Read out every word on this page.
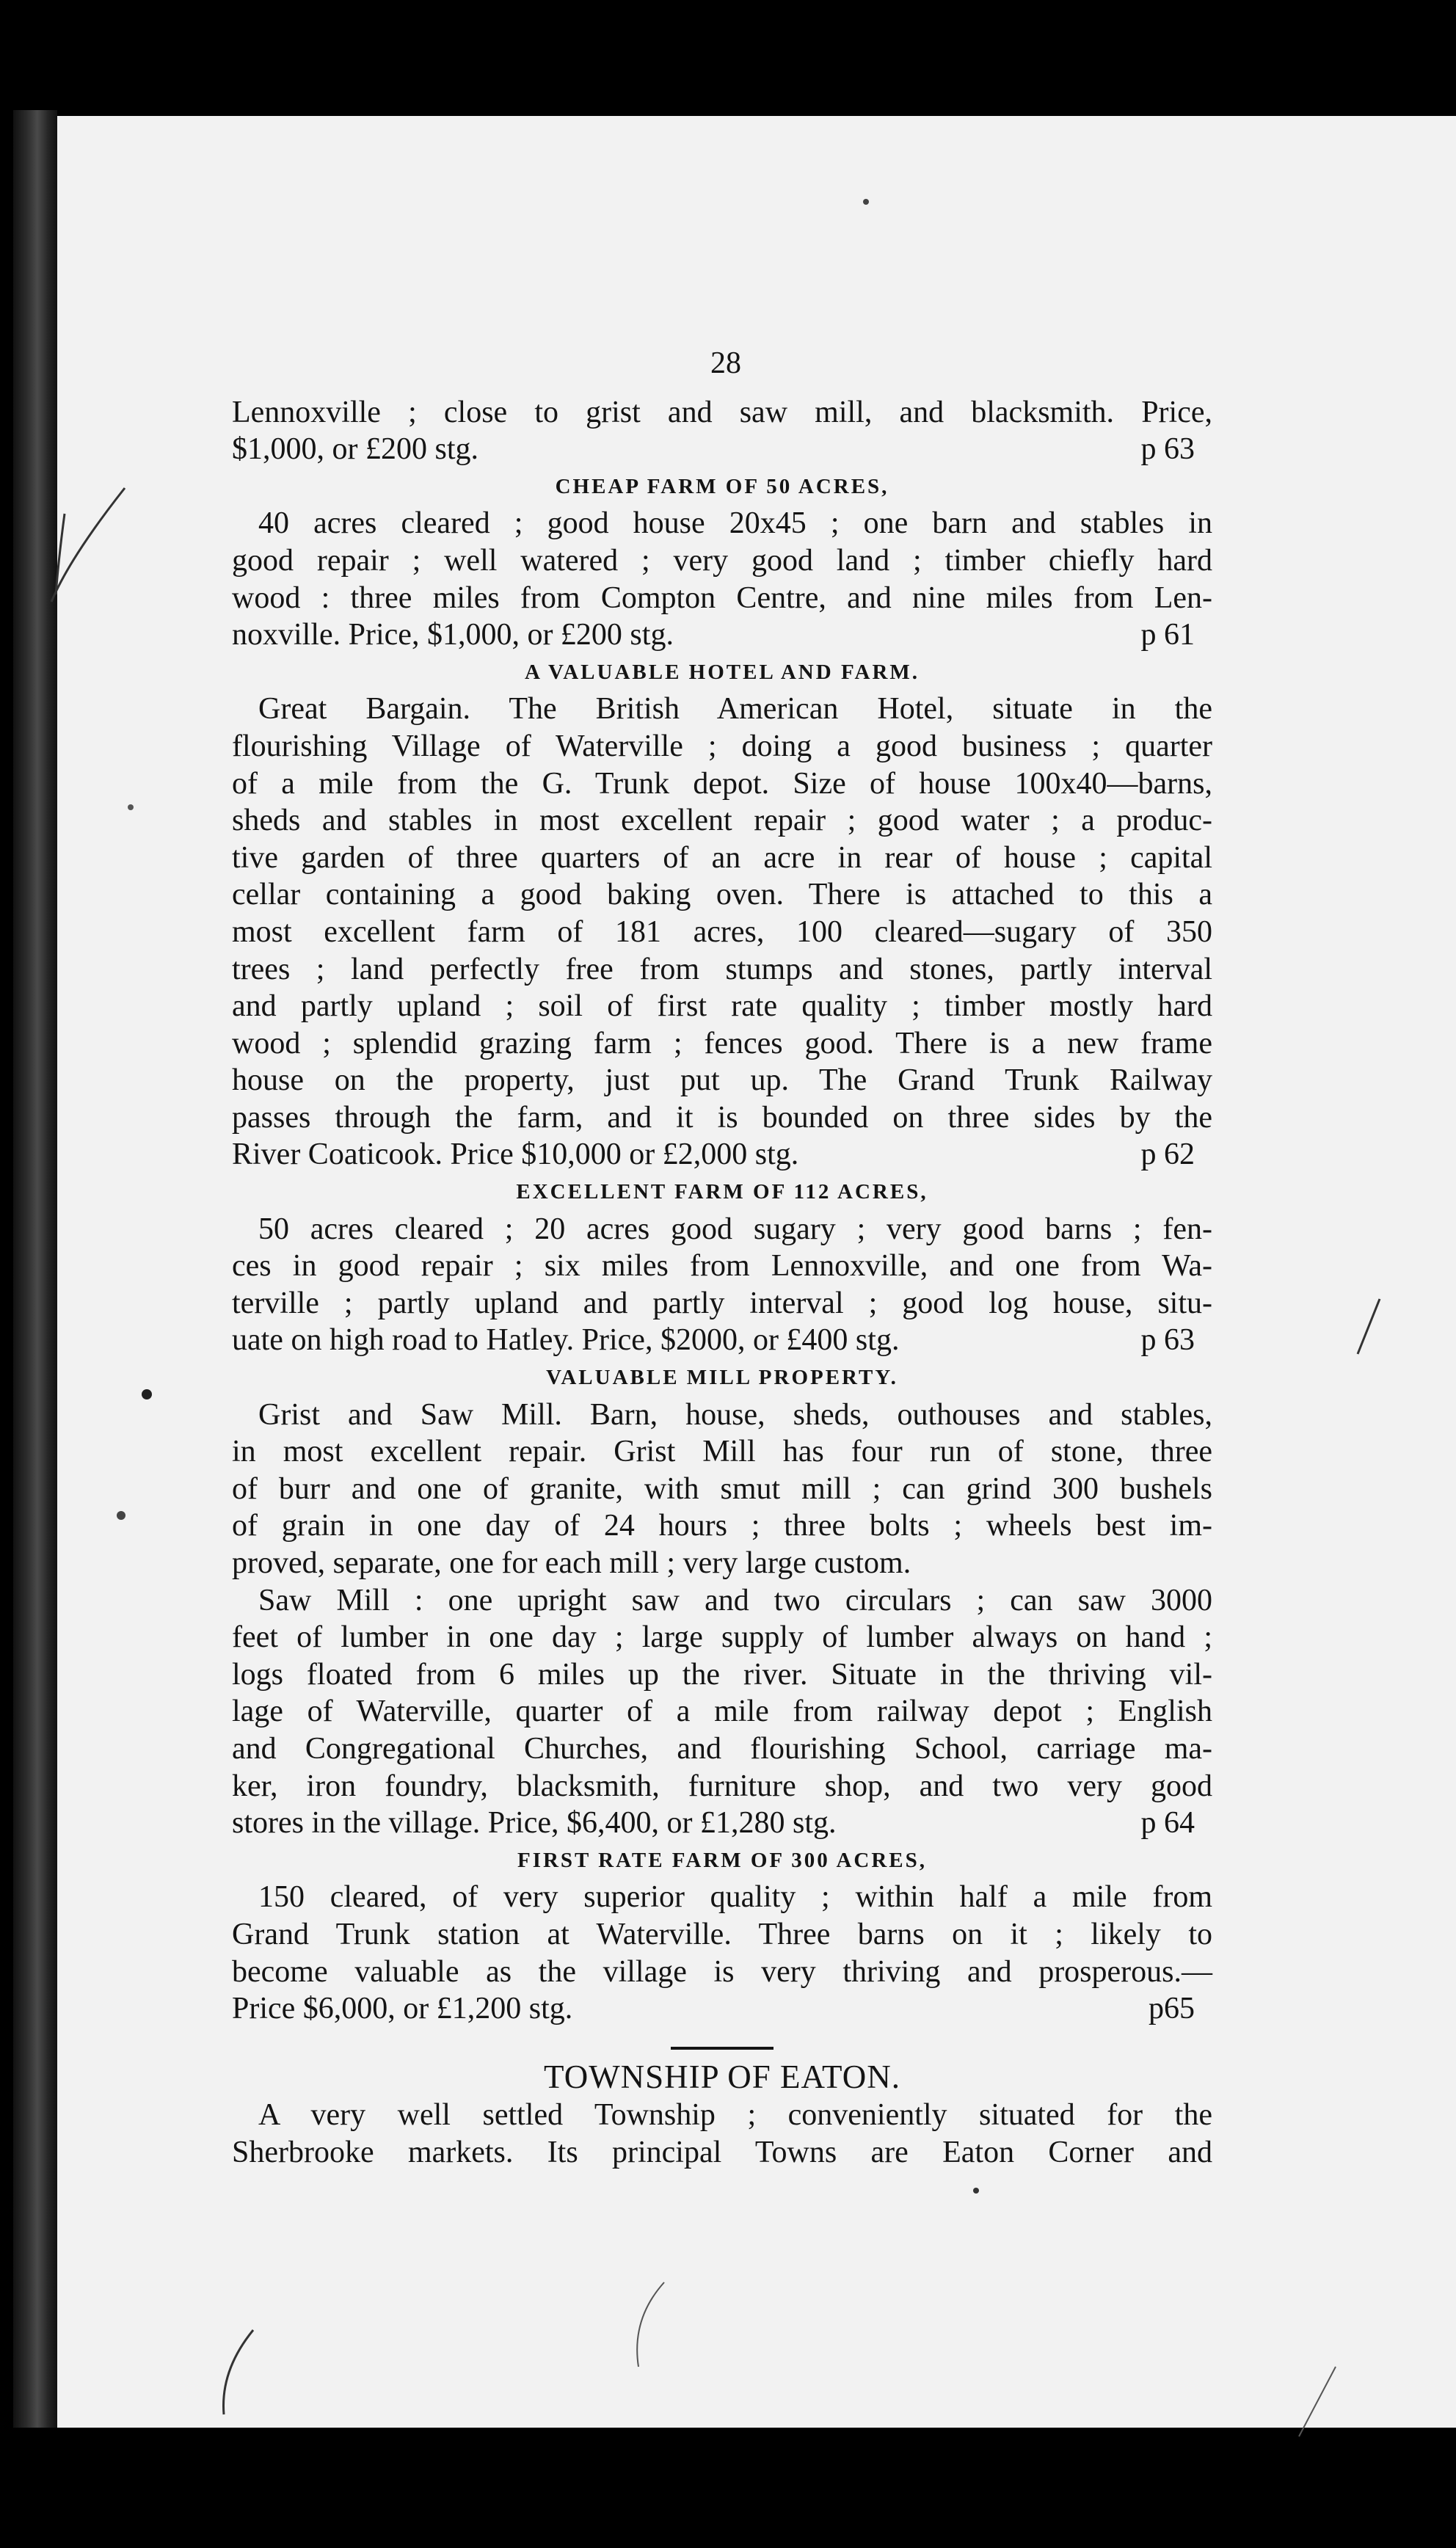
28
Lennoxville ; close to grist and saw mill, and blacksmith. Price,
$1,000, or £200 stg.	p 63
CHEAP FARM OF 50 ACRES,
40 acres cleared ; good house 20x45 ; one barn and stables in
good repair ; well watered ; very good land ; timber chiefly hard
wood : three miles from Compton Centre, and nine miles from Len-
noxville. Price, $1,000, or £200 stg.	p 61
A VALUABLE HOTEL AND FARM.
Great Bargain. The British American Hotel, situate in the
flourishing Village of Waterville ; doing a good business ; quarter
of a mile from the G. Trunk depot. Size of house 100x40—barns,
sheds and stables in most excellent repair ; good water ; a produc-
tive garden of three quarters of an acre in rear of house ; capital
cellar containing a good baking oven. There is attached to this a
most excellent farm of 181 acres, 100 cleared—sugary of 350
trees ; land perfectly free from stumps and stones, partly interval
and partly upland ; soil of first rate quality ; timber mostly hard
wood ; splendid grazing farm ; fences good. There is a new frame
house on the property, just put up. The Grand Trunk Railway
passes through the farm, and it is bounded on three sides by the
River Coaticook. Price $10,000 or £2,000 stg.	p 62
EXCELLENT FARM OF 112 ACRES,
50 acres cleared ; 20 acres good sugary ; very good barns ; fen-
ces in good repair ; six miles from Lennoxville, and one from Wa-
terville ; partly upland and partly interval ; good log house, situ-
uate on high road to Hatley. Price, $2000, or £400 stg.	p 63
VALUABLE MILL PROPERTY.
Grist and Saw Mill. Barn, house, sheds, outhouses and stables,
in most excellent repair. Grist Mill has four run of stone, three
of burr and one of granite, with smut mill ; can grind 300 bushels
of grain in one day of 24 hours ; three bolts ; wheels best im-
proved, separate, one for each mill ; very large custom.
Saw Mill : one upright saw and two circulars ; can saw 3000
feet of lumber in one day ; large supply of lumber always on hand ;
logs floated from 6 miles up the river. Situate in the thriving vil-
lage of Waterville, quarter of a mile from railway depot ; English
and Congregational Churches, and flourishing School, carriage ma-
ker, iron foundry, blacksmith, furniture shop, and two very good
stores in the village. Price, $6,400, or £1,280 stg.	p 64
FIRST RATE FARM OF 300 ACRES,
150 cleared, of very superior quality ; within half a mile from
Grand Trunk station at Waterville. Three barns on it ; likely to
become valuable as the village is very thriving and prosperous.—
Price $6,000, or £1,200 stg.	p65
TOWNSHIP OF EATON.
A very well settled Township ; conveniently situated for the
Sherbrooke markets. Its principal Towns are Eaton Corner and
